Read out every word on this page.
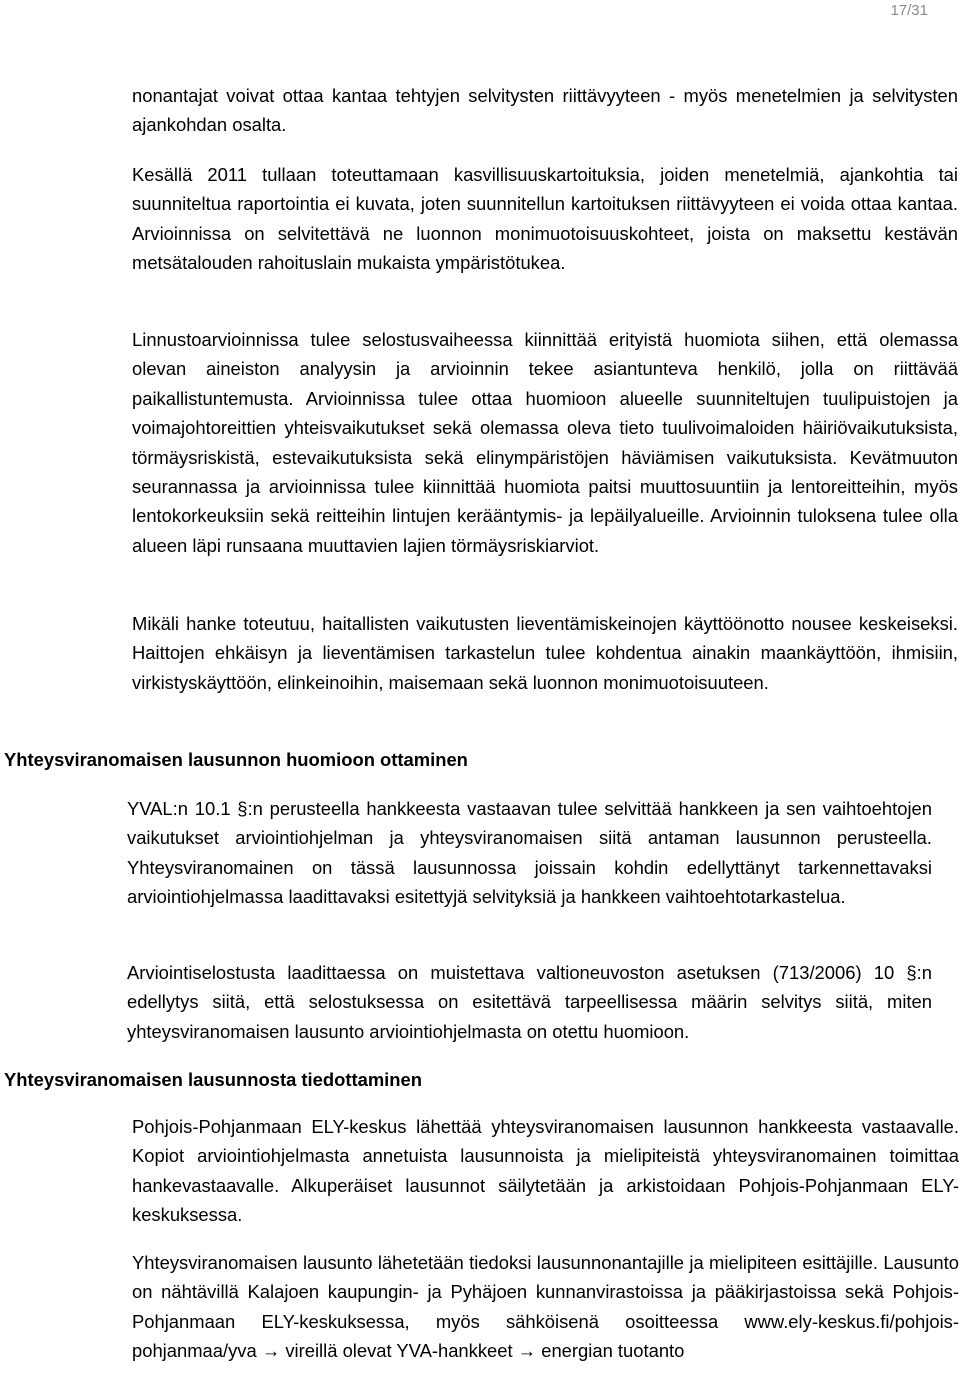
17/31

nonantajat voivat ottaa kantaa tehtyjen selvitysten riittävyyteen - myös menetelmien ja selvitysten ajankohdan osalta.

Kesällä 2011 tullaan toteuttamaan kasvillisuuskartoituksia, joiden menetelmiä, ajankohtia tai suunniteltua raportointia ei kuvata, joten suunnitellun kartoituksen riittävyyteen ei voida ottaa kantaa. Arvioinnissa on selvitettävä ne luonnon monimuotoisuuskohteet, joista on maksettu kestävän metsätalouden rahoituslain mukaista ympäristötukea.

Linnustoarvioinnissa tulee selostusvaiheessa kiinnittää erityistä huomiota siihen, että olemassa olevan aineiston analyysin ja arvioinnin tekee asiantunteva henkilö, jolla on riittävää paikallistuntemusta. Arvioinnissa tulee ottaa huomioon alueelle suunniteltujen tuulipuistojen ja voimajohtoreittien yhteisvaikutukset sekä olemassa oleva tieto tuulivoimaloiden häiriövaikutuksista, törmäysriskistä, estevaikutuksista sekä elinympäristöjen häviämisen vaikutuksista. Kevätmuuton seurannassa ja arvioinnissa tulee kiinnittää huomiota paitsi muuttosuuntiin ja lentoreitteihin, myös lentokorkeuksiin sekä reitteihin lintujen kerääntymis- ja lepäilyalueille. Arvioinnin tuloksena tulee olla alueen läpi runsaana muuttavien lajien törmäysriskiarviot.

Mikäli hanke toteutuu, haitallisten vaikutusten lieventämiskeinojen käyttöönotto nousee keskeiseksi. Haittojen ehkäisyn ja lieventämisen tarkastelun tulee kohdentua ainakin maankäyttöön, ihmisiin, virkistyskäyttöön, elinkeinoihin, maisemaan sekä luonnon monimuotoisuuteen.

Yhteysviranomaisen lausunnon huomioon ottaminen

YVAL:n 10.1 §:n perusteella hankkeesta vastaavan tulee selvittää hankkeen ja sen vaihtoehtojen vaikutukset arviointiohjelman ja yhteysviranomaisen siitä antaman lausunnon perusteella. Yhteysviranomainen on tässä lausunnossa joissain kohdin edellyttänyt tarkennettavaksi arviointiohjelmassa laadittavaksi esitettyjä selvityksiä ja hankkeen vaihtoehtotarkastelua.

Arviointiselostusta laadittaessa on muistettava valtioneuvoston asetuksen (713/2006) 10 §:n edellytys siitä, että selostuksessa on esitettävä tarpeellisessa määrin selvitys siitä, miten yhteysviranomaisen lausunto arviointiohjelmasta on otettu huomioon.

Yhteysviranomaisen lausunnosta tiedottaminen

Pohjois-Pohjanmaan ELY-keskus lähettää yhteysviranomaisen lausunnon hankkeesta vastaavalle. Kopiot arviointiohjelmasta annetuista lausunnoista ja mielipiteistä yhteysviranomainen toimittaa hankevastaavalle. Alkuperäiset lausunnot säilytetään ja arkistoidaan Pohjois-Pohjanmaan ELY-keskuksessa.

Yhteysviranomaisen lausunto lähetetään tiedoksi lausunnonantajille ja mielipiteen esittäjille. Lausunto on nähtävillä Kalajoen kaupungin- ja Pyhäjoen kunnanvirastoissa ja pääkirjastoissa sekä Pohjois-Pohjanmaan ELY-keskuksessa, myös sähköisenä osoitteessa www.ely-keskus.fi/pohjois-pohjanmaa/yva → vireillä olevat YVA-hankkeet → energian tuotanto
